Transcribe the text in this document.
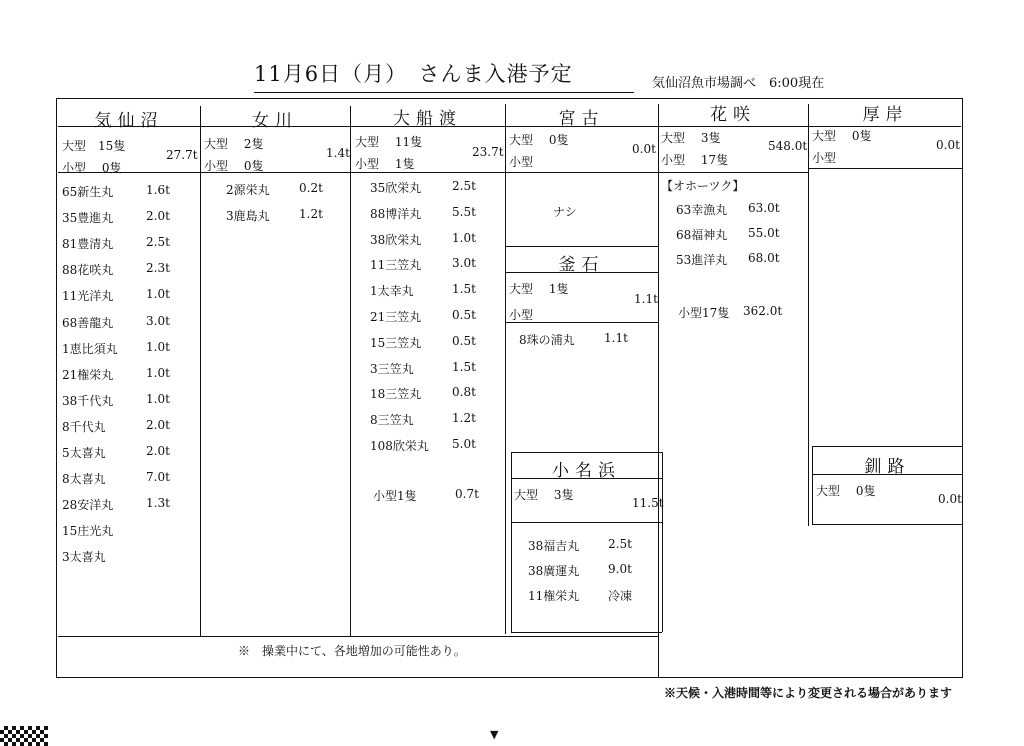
11月6日（月）　さんま入港予定	気仙沼魚市場調べ　6:00現在
気仙沼
大型　15隻
小型　 0隻
27.7t
65新生丸	1.6t
35豊進丸	2.0t
81豊清丸	2.5t
88花咲丸	2.3t
11光洋丸	1.0t
68善龍丸	3.0t
1恵比須丸 1.0t
21権栄丸	1.0t
38千代丸	1.0t
8千代丸	2.0t
5太喜丸	2.0t
8太喜丸	7.0t
28安洋丸	1.3t
15庄光丸
3太喜丸
女川
大型　 2隻
小型　 0隻
1.4t
2源栄丸 0.2t
3鹿島丸 1.2t
大船渡
大型　 11隻
小型　 1隻
23.7t
35欣栄丸	2.5t
88博洋丸	5.5t
38欣栄丸	1.0t
11三笠丸	3.0t
1太幸丸	1.5t
21三笠丸	0.5t
15三笠丸	0.5t
3三笠丸	1.5t
18三笠丸	0.8t
8三笠丸	1.2t
108欣栄丸 5.0t
小型1隻	0.7t
宮古
大型　 0隻
小型
0.0t
ナシ
釜石
大型　 1隻
小型
1.1t
8珠の浦丸 1.1t
小名浜
大型　 3隻
11.5t
38福吉丸 2.5t
38廣運丸 9.0t
11権栄丸 冷凍
花咲
大型　 3隻
小型　 17隻
548.0t
【オホーツク】
63幸漁丸 63.0t
68福神丸 55.0t
53進洋丸 68.0t
小型17隻 362.0t
厚岸
大型　 0隻
小型
0.0t
釧路
大型　 0隻
0.0t
※　操業中にて、各地増加の可能性あり。
※天候・入港時間等により変更される場合があります
▼
